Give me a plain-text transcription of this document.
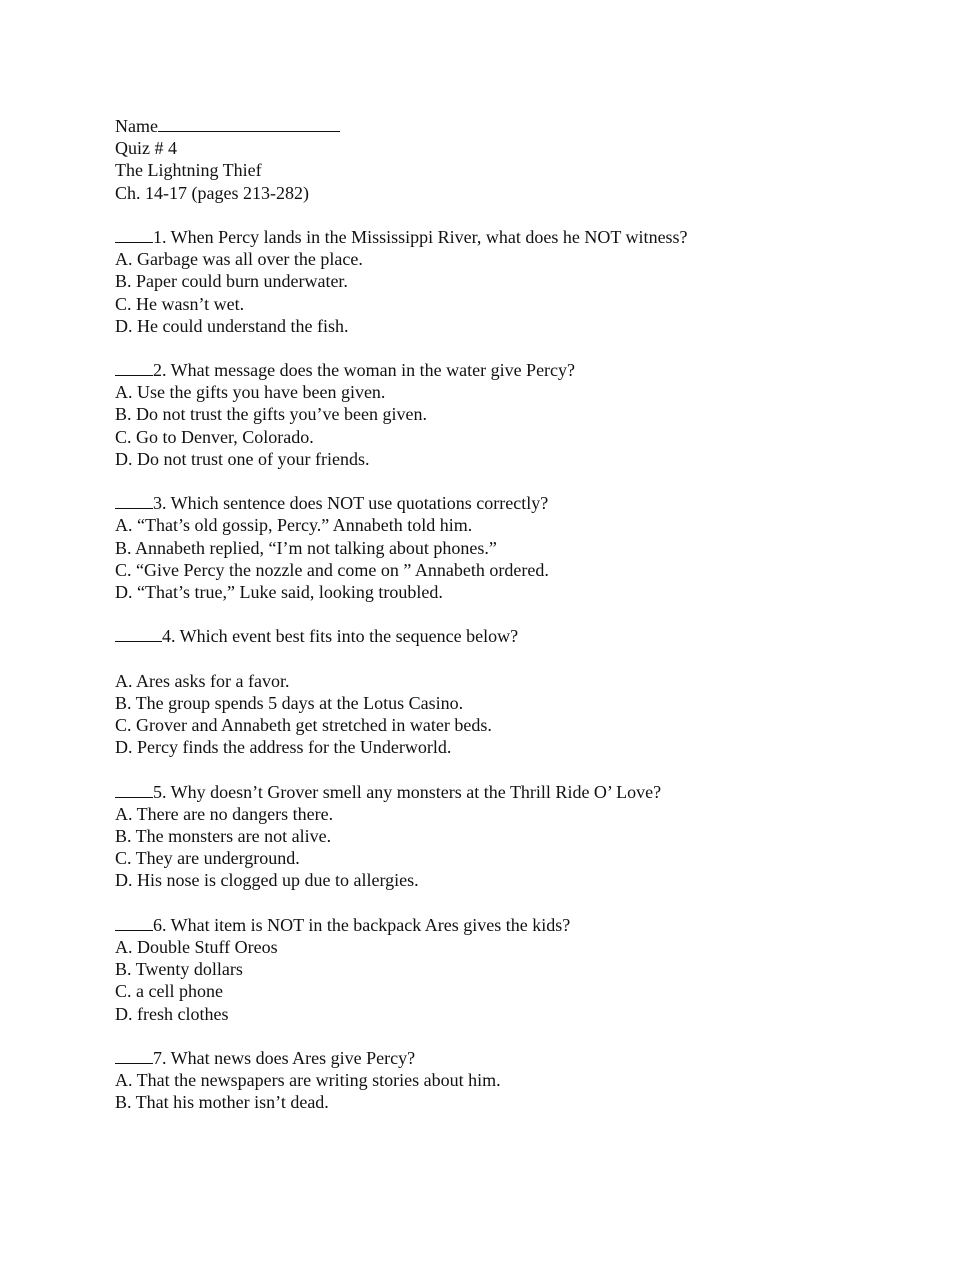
Name
Quiz # 4
The Lightning Thief
Ch. 14-17 (pages 213-282)
1. When Percy lands in the Mississippi River, what does he NOT witness?
A. Garbage was all over the place.
B. Paper could burn underwater.
C. He wasn’t wet.
D. He could understand the fish.
2. What message does the woman in the water give Percy?
A. Use the gifts you have been given.
B. Do not trust the gifts you’ve been given.
C. Go to Denver, Colorado.
D. Do not trust one of your friends.
3. Which sentence does NOT use quotations correctly?
A. “That’s old gossip, Percy.” Annabeth told him.
B. Annabeth replied, “I’m not talking about phones.”
C. “Give Percy the nozzle and come on ” Annabeth ordered.
D. “That’s true,” Luke said, looking troubled.
4. Which event best fits into the sequence below?
A. Ares asks for a favor.
B. The group spends 5 days at the Lotus Casino.
C. Grover and Annabeth get stretched in water beds.
D. Percy finds the address for the Underworld.
5. Why doesn’t Grover smell any monsters at the Thrill Ride O’ Love?
A. There are no dangers there.
B. The monsters are not alive.
C. They are underground.
D. His nose is clogged up due to allergies.
6. What item is NOT in the backpack Ares gives the kids?
A. Double Stuff Oreos
B. Twenty dollars
C. a cell phone
D. fresh clothes
7. What news does Ares give Percy?
A. That the newspapers are writing stories about him.
B. That his mother isn’t dead.
